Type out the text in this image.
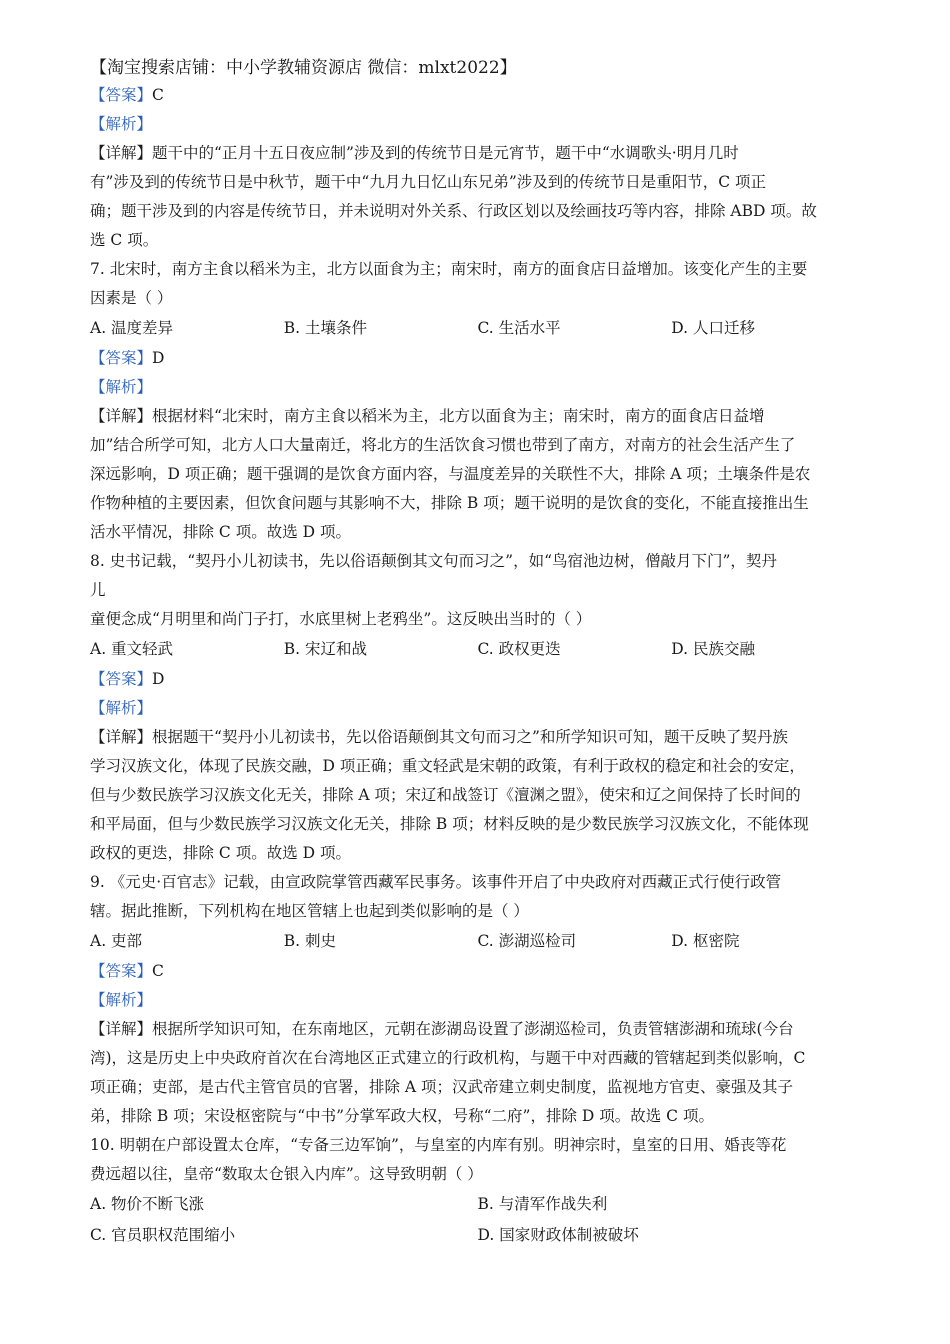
【淘宝搜索店铺：中小学教辅资源店 微信：mlxt2022】
【答案】C
【解析】
【详解】题干中的“正月十五日夜应制”涉及到的传统节日是元宵节，题干中“水调歌头·明月几时
有”涉及到的传统节日是中秋节，题干中“九月九日忆山东兄弟”涉及到的传统节日是重阳节，C 项正
确；题干涉及到的内容是传统节日，并未说明对外关系、行政区划以及绘画技巧等内容，排除 ABD 项。故
选 C 项。
7. 北宋时，南方主食以稻米为主，北方以面食为主；南宋时，南方的面食店日益增加。该变化产生的主要
因素是（ ）
A. 温度差异	B. 土壤条件	C. 生活水平	D. 人口迁移
【答案】D
【解析】
【详解】根据材料“北宋时，南方主食以稻米为主，北方以面食为主；南宋时，南方的面食店日益增
加”结合所学可知，北方人口大量南迁，将北方的生活饮食习惯也带到了南方，对南方的社会生活产生了
深远影响，D 项正确；题干强调的是饮食方面内容，与温度差异的关联性不大，排除 A 项；土壤条件是农
作物种植的主要因素，但饮食问题与其影响不大，排除 B 项；题干说明的是饮食的变化，不能直接推出生
活水平情况，排除 C 项。故选 D 项。
8. 史书记载，“契丹小儿初读书，先以俗语颠倒其文句而习之”，如“鸟宿池边树，僧敲月下门”，契丹
儿
童便念成“月明里和尚门子打，水底里树上老鸦坐”。这反映出当时的（ ）
A. 重文轻武	B. 宋辽和战	C. 政权更迭	D. 民族交融
【答案】D
【解析】
【详解】根据题干“契丹小儿初读书，先以俗语颠倒其文句而习之”和所学知识可知，题干反映了契丹族
学习汉族文化，体现了民族交融，D 项正确；重文轻武是宋朝的政策，有利于政权的稳定和社会的安定，
但与少数民族学习汉族文化无关，排除 A 项；宋辽和战签订《澶渊之盟》，使宋和辽之间保持了长时间的
和平局面，但与少数民族学习汉族文化无关，排除 B 项；材料反映的是少数民族学习汉族文化，不能体现
政权的更迭，排除 C 项。故选 D 项。
9. 《元史·百官志》记载，由宣政院掌管西藏军民事务。该事件开启了中央政府对西藏正式行使行政管
辖。据此推断，下列机构在地区管辖上也起到类似影响的是（ ）
A. 吏部	B. 刺史	C. 澎湖巡检司	D. 枢密院
【答案】C
【解析】
【详解】根据所学知识可知，在东南地区，元朝在澎湖岛设置了澎湖巡检司，负责管辖澎湖和琉球(今台
湾)，这是历史上中央政府首次在台湾地区正式建立的行政机构，与题干中对西藏的管辖起到类似影响，C
项正确；吏部，是古代主管官员的官署，排除 A 项；汉武帝建立刺史制度，监视地方官吏、豪强及其子
弟，排除 B 项；宋设枢密院与“中书”分掌军政大权，号称“二府”，排除 D 项。故选 C 项。
10. 明朝在户部设置太仓库，“专备三边军饷”，与皇室的内库有别。明神宗时，皇室的日用、婚丧等花
费远超以往，皇帝“数取太仓银入内库”。这导致明朝（ ）
A. 物价不断飞涨	B. 与清军作战失利
C. 官员职权范围缩小	D. 国家财政体制被破坏
